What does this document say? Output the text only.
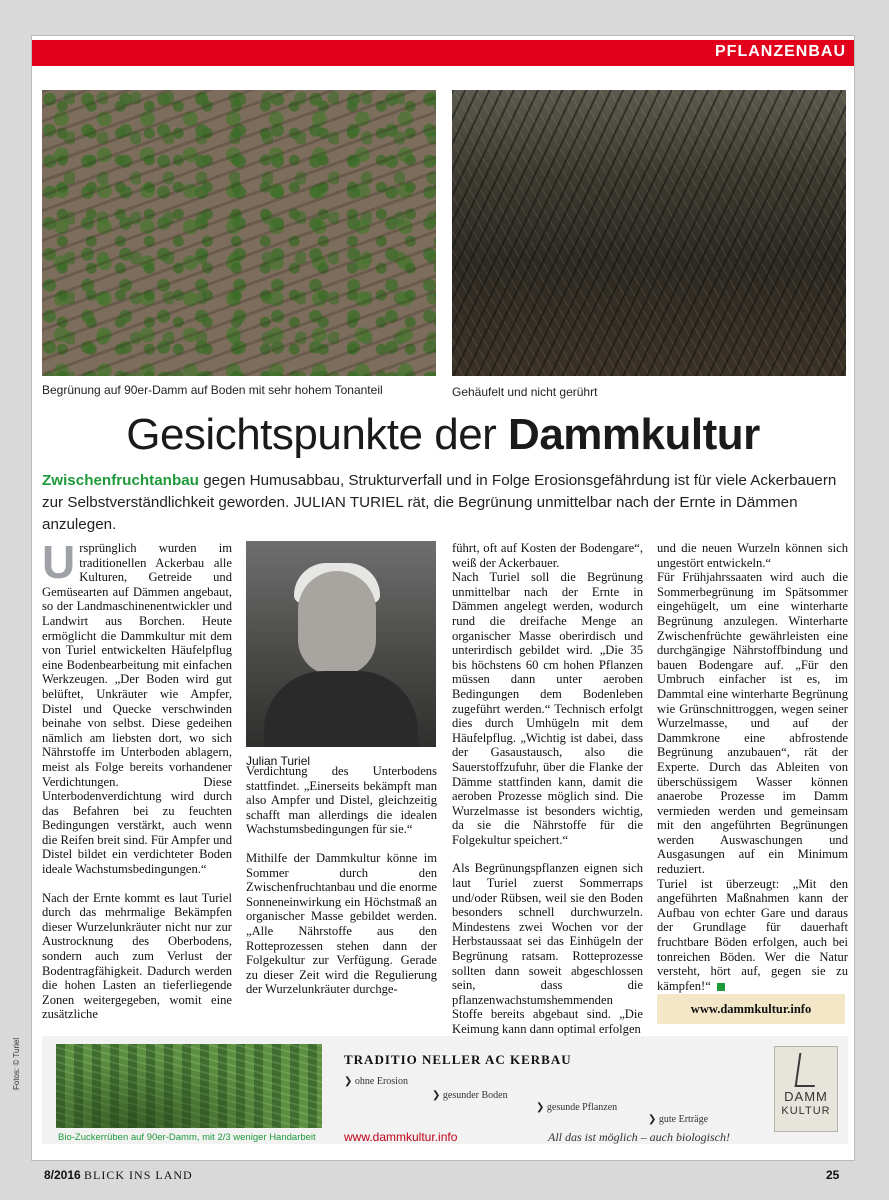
PFLANZENBAU
Begrünung auf 90er-Damm auf Boden mit sehr hohem Tonanteil	Gehäufelt und nicht gerührt
Gesichtspunkte der Dammkultur
Zwischenfruchtanbau gegen Humusabbau, Strukturverfall und in Folge Erosionsgefährdung ist für viele Ackerbauern zur Selbstverständlichkeit geworden. JULIAN TURIEL rät, die Begrünung unmittelbar nach der Ernte in Dämmen anzulegen.

Ursprünglich wurden im traditionellen Ackerbau alle Kulturen, Getreide und Gemüsearten auf Dämmen angebaut, so der Landmaschinenentwickler und Landwirt aus Borchen. Heute ermöglicht die Dammkultur mit dem von Turiel entwickelten Häufelpflug eine Bodenbearbeitung mit einfachen Werkzeugen. „Der Boden wird gut belüftet, Unkräuter wie Ampfer, Distel und Quecke verschwinden beinahe von selbst. Diese gedeihen nämlich am liebsten dort, wo sich Nährstoffe im Unterboden ablagern, meist als Folge bereits vorhandener Verdichtungen. Diese Unterbodenverdichtung wird durch das Befahren bei zu feuchten Bedingungen verstärkt, auch wenn die Reifen breit sind. Für Ampfer und Distel bildet ein verdichteter Boden ideale Wachstumsbedingungen.“

Nach der Ernte kommt es laut Turiel durch das mehrmalige Bekämpfen dieser Wurzelunkräuter nicht nur zur Austrocknung des Oberbodens, sondern auch zum Verlust der Bodentragfähigkeit. Dadurch werden die hohen Lasten an tieferliegende Zonen weitergegeben, womit eine zusätzliche

Julian Turiel

Verdichtung des Unterbodens stattfindet. „Einerseits bekämpft man also Ampfer und Distel, gleichzeitig schafft man allerdings die idealen Wachstumsbedingungen für sie.“

Mithilfe der Dammkultur könne im Sommer durch den Zwischenfruchtanbau und die enorme Sonneneinwirkung ein Höchstmaß an organischer Masse gebildet werden. „Alle Nährstoffe aus den Rotteprozessen stehen dann der Folgekultur zur Verfügung. Gerade zu dieser Zeit wird die Regulierung der Wurzelunkräuter durchge-

führt, oft auf Kosten der Bodengare“, weiß der Ackerbauer.

Nach Turiel soll die Begrünung unmittelbar nach der Ernte in Dämmen angelegt werden, wodurch rund die dreifache Menge an organischer Masse oberirdisch und unterirdisch gebildet wird. „Die 35 bis höchstens 60 cm hohen Pflanzen müssen dann unter aeroben Bedingungen dem Bodenleben zugeführt werden.“ Technisch erfolgt dies durch Umhügeln mit dem Häufelpflug. „Wichtig ist dabei, dass der Gasaustausch, also die Sauerstoffzufuhr, über die Flanke der Dämme stattfinden kann, damit die aeroben Prozesse möglich sind. Die Wurzelmasse ist besonders wichtig, da sie die Nährstoffe für die Folgekultur speichert.“

Als Begrünungspflanzen eignen sich laut Turiel zuerst Sommerraps und/oder Rübsen, weil sie den Boden besonders schnell durchwurzeln. Mindestens zwei Wochen vor der Herbstaussaat sei das Einhügeln der Begrünung ratsam. Rotteprozesse sollten dann soweit abgeschlossen sein, dass die pflanzenwachstumshemmenden Stoffe bereits abgebaut sind. „Die Keimung kann dann optimal erfolgen

und die neuen Wurzeln können sich ungestört entwickeln.“

Für Frühjahrssaaten wird auch die Sommerbegrünung im Spätsommer eingehügelt, um eine winterharte Begrünung anzulegen. Winterharte Zwischenfrüchte gewährleisten eine durchgängige Nährstoffbindung und bauen Bodengare auf. „Für den Umbruch einfacher ist es, im Dammtal eine winterharte Begrünung wie Grünschnittroggen, wegen seiner Wurzelmasse, und auf der Dammkrone eine abfrostende Begrünung anzubauen“, rät der Experte. Durch das Ableiten von überschüssigem Wasser können anaerobe Prozesse im Damm vermieden werden und gemeinsam mit den angeführten Begrünungen werden Auswaschungen und Ausgasungen auf ein Minimum reduziert.

Turiel ist überzeugt: „Mit den angeführten Maßnahmen kann der Aufbau von echter Gare und daraus der Grundlage für dauerhaft fruchtbare Böden erfolgen, auch bei tonreichen Böden. Wer die Natur versteht, hört auf, gegen sie zu kämpfen!“

www.dammkultur.info
Bio-Zuckerrüben auf 90er-Damm, mit 2/3 weniger Handarbeit
TRADITIO NELLER AC KERBAU
❯ ohne Erosion
❯ gesunder Boden
❯ gesunde Pflanzen
❯ gute Erträge
www.dammkultur.info	All das ist möglich – auch biologisch!
DAMM
KULTUR
Fotos: © Turiel
8/2016 BLICK INS LAND	25
